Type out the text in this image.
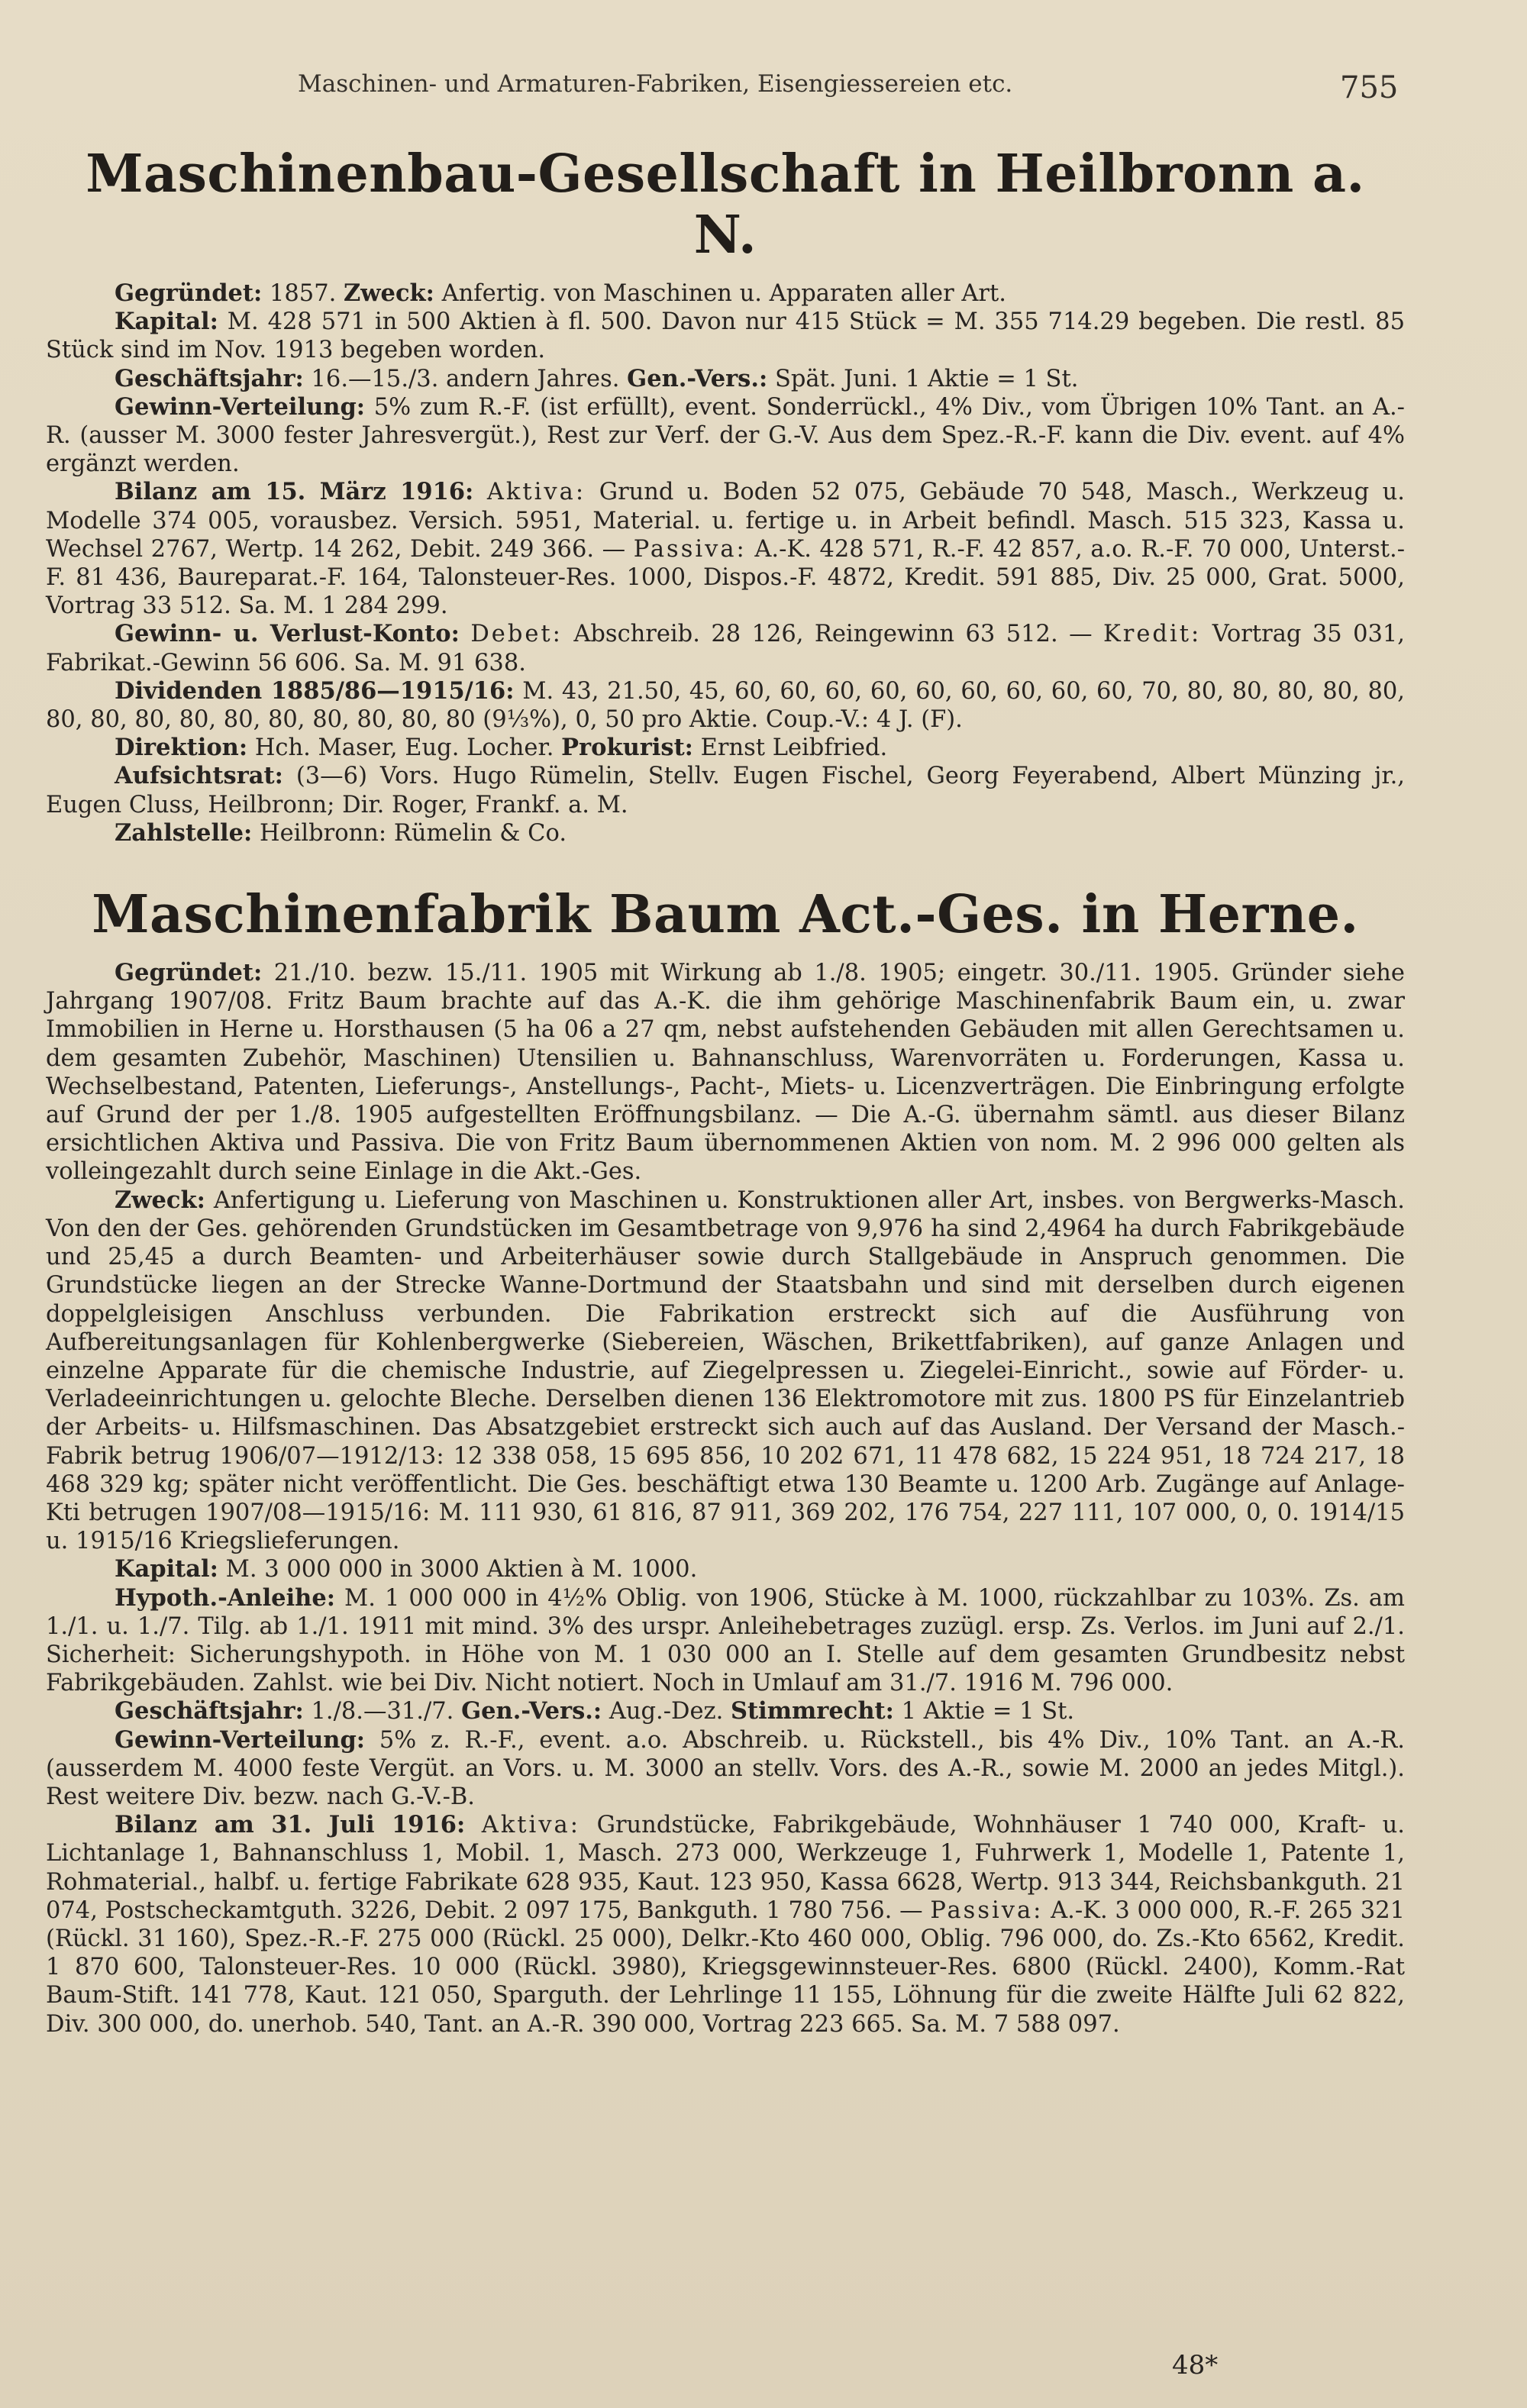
Maschinen- und Armaturen-Fabriken, Eisengiessereien etc.	755
Maschinenbau-Gesellschaft in Heilbronn a. N.

Gegründet: 1857. Zweck: Anfertig. von Maschinen u. Apparaten aller Art.

Kapital: M. 428 571 in 500 Aktien à fl. 500. Davon nur 415 Stück = M. 355 714.29 begeben. Die restl. 85 Stück sind im Nov. 1913 begeben worden.

Geschäftsjahr: 16.—15./3. andern Jahres. Gen.-Vers.: Spät. Juni. 1 Aktie = 1 St.

Gewinn-Verteilung: 5% zum R.-F. (ist erfüllt), event. Sonderrückl., 4% Div., vom Übrigen 10% Tant. an A.-R. (ausser M. 3000 fester Jahresvergüt.), Rest zur Verf. der G.-V. Aus dem Spez.-R.-F. kann die Div. event. auf 4% ergänzt werden.

Bilanz am 15. März 1916: Aktiva: Grund u. Boden 52 075, Gebäude 70 548, Masch., Werkzeug u. Modelle 374 005, vorausbez. Versich. 5951, Material. u. fertige u. in Arbeit befindl. Masch. 515 323, Kassa u. Wechsel 2767, Wertp. 14 262, Debit. 249 366. — Passiva: A.-K. 428 571, R.-F. 42 857, a.o. R.-F. 70 000, Unterst.-F. 81 436, Baureparat.-F. 164, Talonsteuer-Res. 1000, Dispos.-F. 4872, Kredit. 591 885, Div. 25 000, Grat. 5000, Vortrag 33 512. Sa. M. 1 284 299.

Gewinn- u. Verlust-Konto: Debet: Abschreib. 28 126, Reingewinn 63 512. — Kredit: Vortrag 35 031, Fabrikat.-Gewinn 56 606. Sa. M. 91 638.

Dividenden 1885/86—1915/16: M. 43, 21.50, 45, 60, 60, 60, 60, 60, 60, 60, 60, 60, 70, 80, 80, 80, 80, 80, 80, 80, 80, 80, 80, 80, 80, 80, 80, 80 (9⅓%), 0, 50 pro Aktie. Coup.-V.: 4 J. (F).

Direktion: Hch. Maser, Eug. Locher. Prokurist: Ernst Leibfried.

Aufsichtsrat: (3—6) Vors. Hugo Rümelin, Stellv. Eugen Fischel, Georg Feyerabend, Albert Münzing jr., Eugen Cluss, Heilbronn; Dir. Roger, Frankf. a. M.

Zahlstelle: Heilbronn: Rümelin & Co.

Maschinenfabrik Baum Act.-Ges. in Herne.

Gegründet: 21./10. bezw. 15./11. 1905 mit Wirkung ab 1./8. 1905; eingetr. 30./11. 1905. Gründer siehe Jahrgang 1907/08. Fritz Baum brachte auf das A.-K. die ihm gehörige Maschinenfabrik Baum ein, u. zwar Immobilien in Herne u. Horsthausen (5 ha 06 a 27 qm, nebst aufstehenden Gebäuden mit allen Gerechtsamen u. dem gesamten Zubehör, Maschinen) Utensilien u. Bahnanschluss, Warenvorräten u. Forderungen, Kassa u. Wechselbestand, Patenten, Lieferungs-, Anstellungs-, Pacht-, Miets- u. Licenzverträgen. Die Einbringung erfolgte auf Grund der per 1./8. 1905 aufgestellten Eröffnungsbilanz. — Die A.-G. übernahm sämtl. aus dieser Bilanz ersichtlichen Aktiva und Passiva. Die von Fritz Baum übernommenen Aktien von nom. M. 2 996 000 gelten als volleingezahlt durch seine Einlage in die Akt.-Ges.

Zweck: Anfertigung u. Lieferung von Maschinen u. Konstruktionen aller Art, insbes. von Bergwerks-Masch. Von den der Ges. gehörenden Grundstücken im Gesamtbetrage von 9,976 ha sind 2,4964 ha durch Fabrikgebäude und 25,45 a durch Beamten- und Arbeiterhäuser sowie durch Stallgebäude in Anspruch genommen. Die Grundstücke liegen an der Strecke Wanne-Dortmund der Staatsbahn und sind mit derselben durch eigenen doppelgleisigen Anschluss verbunden. Die Fabrikation erstreckt sich auf die Ausführung von Aufbereitungsanlagen für Kohlenbergwerke (Siebereien, Wäschen, Brikettfabriken), auf ganze Anlagen und einzelne Apparate für die chemische Industrie, auf Ziegelpressen u. Ziegelei-Einricht., sowie auf Förder- u. Verladeeinrichtungen u. gelochte Bleche. Derselben dienen 136 Elektromotore mit zus. 1800 PS für Einzelantrieb der Arbeits- u. Hilfsmaschinen. Das Absatzgebiet erstreckt sich auch auf das Ausland. Der Versand der Masch.-Fabrik betrug 1906/07—1912/13: 12 338 058, 15 695 856, 10 202 671, 11 478 682, 15 224 951, 18 724 217, 18 468 329 kg; später nicht veröffentlicht. Die Ges. beschäftigt etwa 130 Beamte u. 1200 Arb. Zugänge auf Anlage-Kti betrugen 1907/08—1915/16: M. 111 930, 61 816, 87 911, 369 202, 176 754, 227 111, 107 000, 0, 0. 1914/15 u. 1915/16 Kriegslieferungen.

Kapital: M. 3 000 000 in 3000 Aktien à M. 1000.

Hypoth.-Anleihe: M. 1 000 000 in 4½% Oblig. von 1906, Stücke à M. 1000, rückzahlbar zu 103%. Zs. am 1./1. u. 1./7. Tilg. ab 1./1. 1911 mit mind. 3% des urspr. Anleihebetrages zuzügl. ersp. Zs. Verlos. im Juni auf 2./1. Sicherheit: Sicherungshypoth. in Höhe von M. 1 030 000 an I. Stelle auf dem gesamten Grundbesitz nebst Fabrikgebäuden. Zahlst. wie bei Div. Nicht notiert. Noch in Umlauf am 31./7. 1916 M. 796 000.

Geschäftsjahr: 1./8.—31./7. Gen.-Vers.: Aug.-Dez. Stimmrecht: 1 Aktie = 1 St.

Gewinn-Verteilung: 5% z. R.-F., event. a.o. Abschreib. u. Rückstell., bis 4% Div., 10% Tant. an A.-R. (ausserdem M. 4000 feste Vergüt. an Vors. u. M. 3000 an stellv. Vors. des A.-R., sowie M. 2000 an jedes Mitgl.). Rest weitere Div. bezw. nach G.-V.-B.

Bilanz am 31. Juli 1916: Aktiva: Grundstücke, Fabrikgebäude, Wohnhäuser 1 740 000, Kraft- u. Lichtanlage 1, Bahnanschluss 1, Mobil. 1, Masch. 273 000, Werkzeuge 1, Fuhrwerk 1, Modelle 1, Patente 1, Rohmaterial., halbf. u. fertige Fabrikate 628 935, Kaut. 123 950, Kassa 6628, Wertp. 913 344, Reichsbankguth. 21 074, Postscheckamtguth. 3226, Debit. 2 097 175, Bankguth. 1 780 756. — Passiva: A.-K. 3 000 000, R.-F. 265 321 (Rückl. 31 160), Spez.-R.-F. 275 000 (Rückl. 25 000), Delkr.-Kto 460 000, Oblig. 796 000, do. Zs.-Kto 6562, Kredit. 1 870 600, Talonsteuer-Res. 10 000 (Rückl. 3980), Kriegsgewinnsteuer-Res. 6800 (Rückl. 2400), Komm.-Rat Baum-Stift. 141 778, Kaut. 121 050, Sparguth. der Lehrlinge 11 155, Löhnung für die zweite Hälfte Juli 62 822, Div. 300 000, do. unerhob. 540, Tant. an A.-R. 390 000, Vortrag 223 665. Sa. M. 7 588 097.

48*
